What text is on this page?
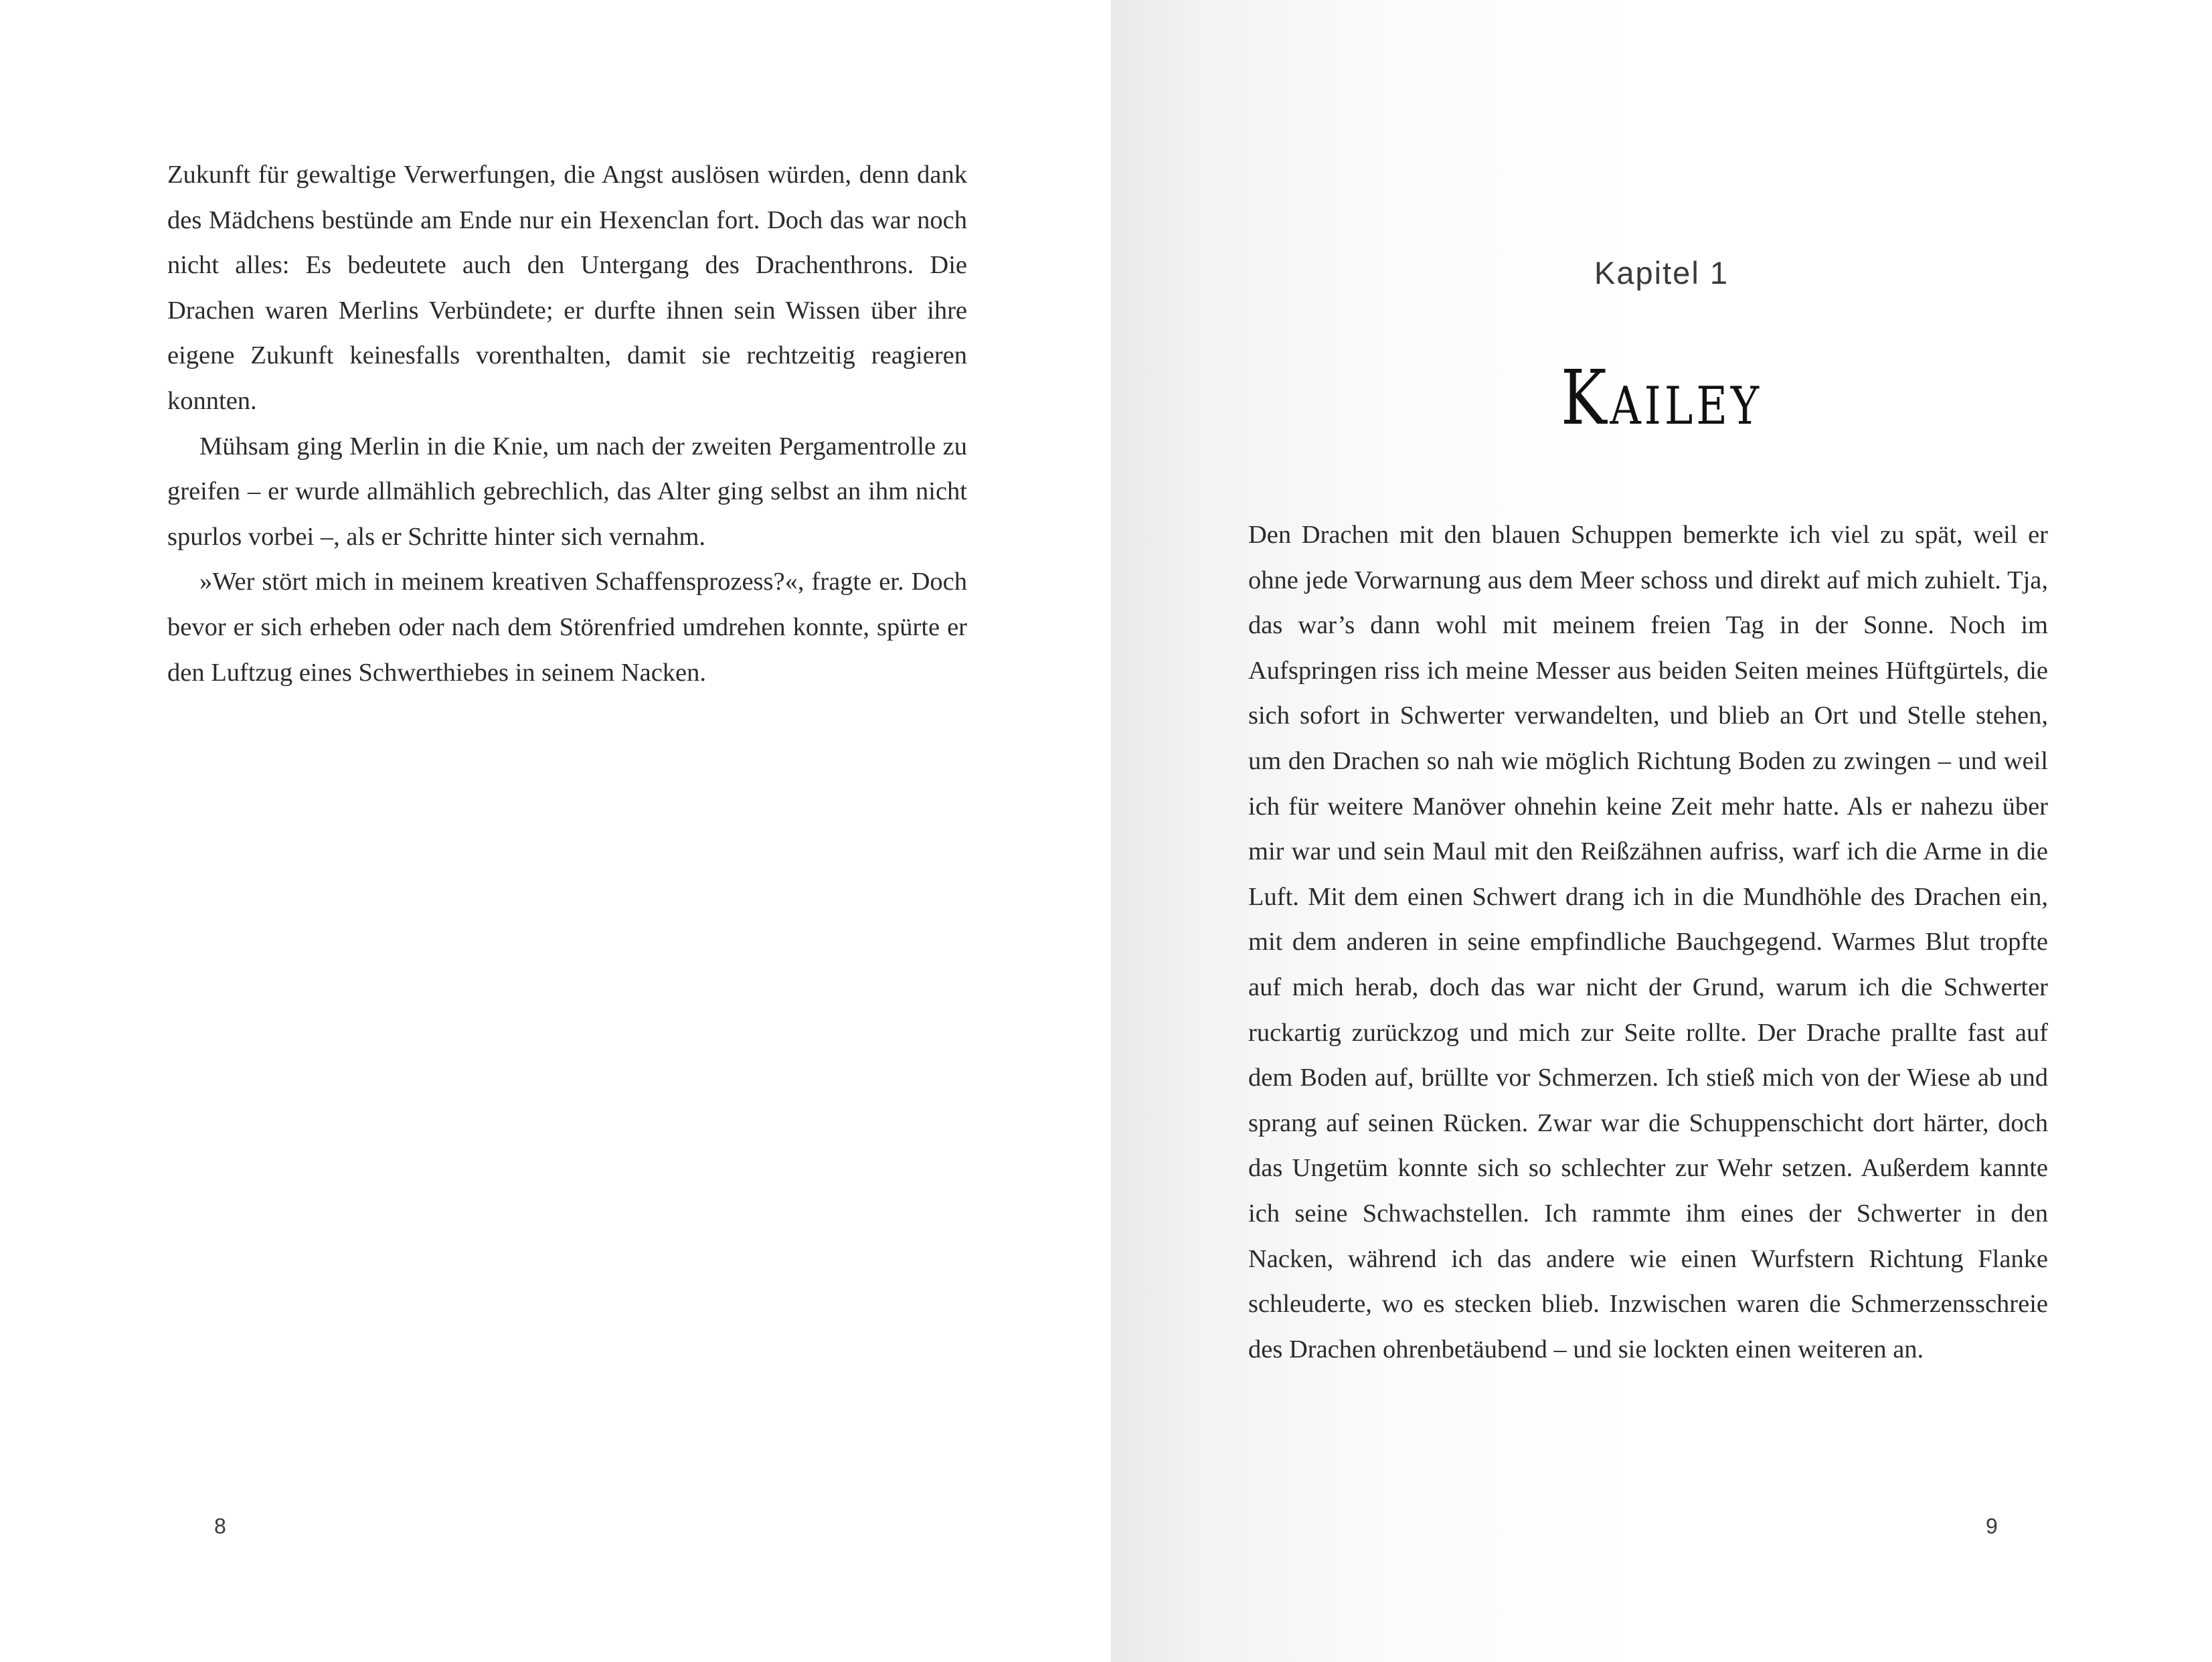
Zukunft für gewaltige Verwerfungen, die Angst auslösen würden, denn dank des Mädchens bestünde am Ende nur ein Hexenclan fort. Doch das war noch nicht alles: Es bedeutete auch den Untergang des Drachenthrons. Die Drachen waren Merlins Verbündete; er durfte ihnen sein Wissen über ihre eigene Zukunft keinesfalls vorenthalten, damit sie rechtzeitig reagieren konnten.

Mühsam ging Merlin in die Knie, um nach der zweiten Pergamentrolle zu greifen – er wurde allmählich gebrechlich, das Alter ging selbst an ihm nicht spurlos vorbei –, als er Schritte hinter sich vernahm.

»Wer stört mich in meinem kreativen Schaffensprozess?«, fragte er. Doch bevor er sich erheben oder nach dem Störenfried umdrehen konnte, spürte er den Luftzug eines Schwerthiebes in seinem Nacken.

8
Kapitel 1
Kailey

Den Drachen mit den blauen Schuppen bemerkte ich viel zu spät, weil er ohne jede Vorwarnung aus dem Meer schoss und direkt auf mich zuhielt. Tja, das war’s dann wohl mit meinem freien Tag in der Sonne. Noch im Aufspringen riss ich meine Messer aus beiden Seiten meines Hüftgürtels, die sich sofort in Schwerter verwandelten, und blieb an Ort und Stelle stehen, um den Drachen so nah wie möglich Richtung Boden zu zwingen – und weil ich für weitere Manöver ohnehin keine Zeit mehr hatte. Als er nahezu über mir war und sein Maul mit den Reißzähnen aufriss, warf ich die Arme in die Luft. Mit dem einen Schwert drang ich in die Mundhöhle des Drachen ein, mit dem anderen in seine empfindliche Bauchgegend. Warmes Blut tropfte auf mich herab, doch das war nicht der Grund, warum ich die Schwerter ruckartig zurückzog und mich zur Seite rollte. Der Drache prallte fast auf dem Boden auf, brüllte vor Schmerzen. Ich stieß mich von der Wiese ab und sprang auf seinen Rücken. Zwar war die Schuppenschicht dort härter, doch das Ungetüm konnte sich so schlechter zur Wehr setzen. Außerdem kannte ich seine Schwachstellen. Ich rammte ihm eines der Schwerter in den Nacken, während ich das andere wie einen Wurfstern Richtung Flanke schleuderte, wo es stecken blieb. Inzwischen waren die Schmerzensschreie des Drachen ohrenbetäubend – und sie lockten einen weiteren an.

9
